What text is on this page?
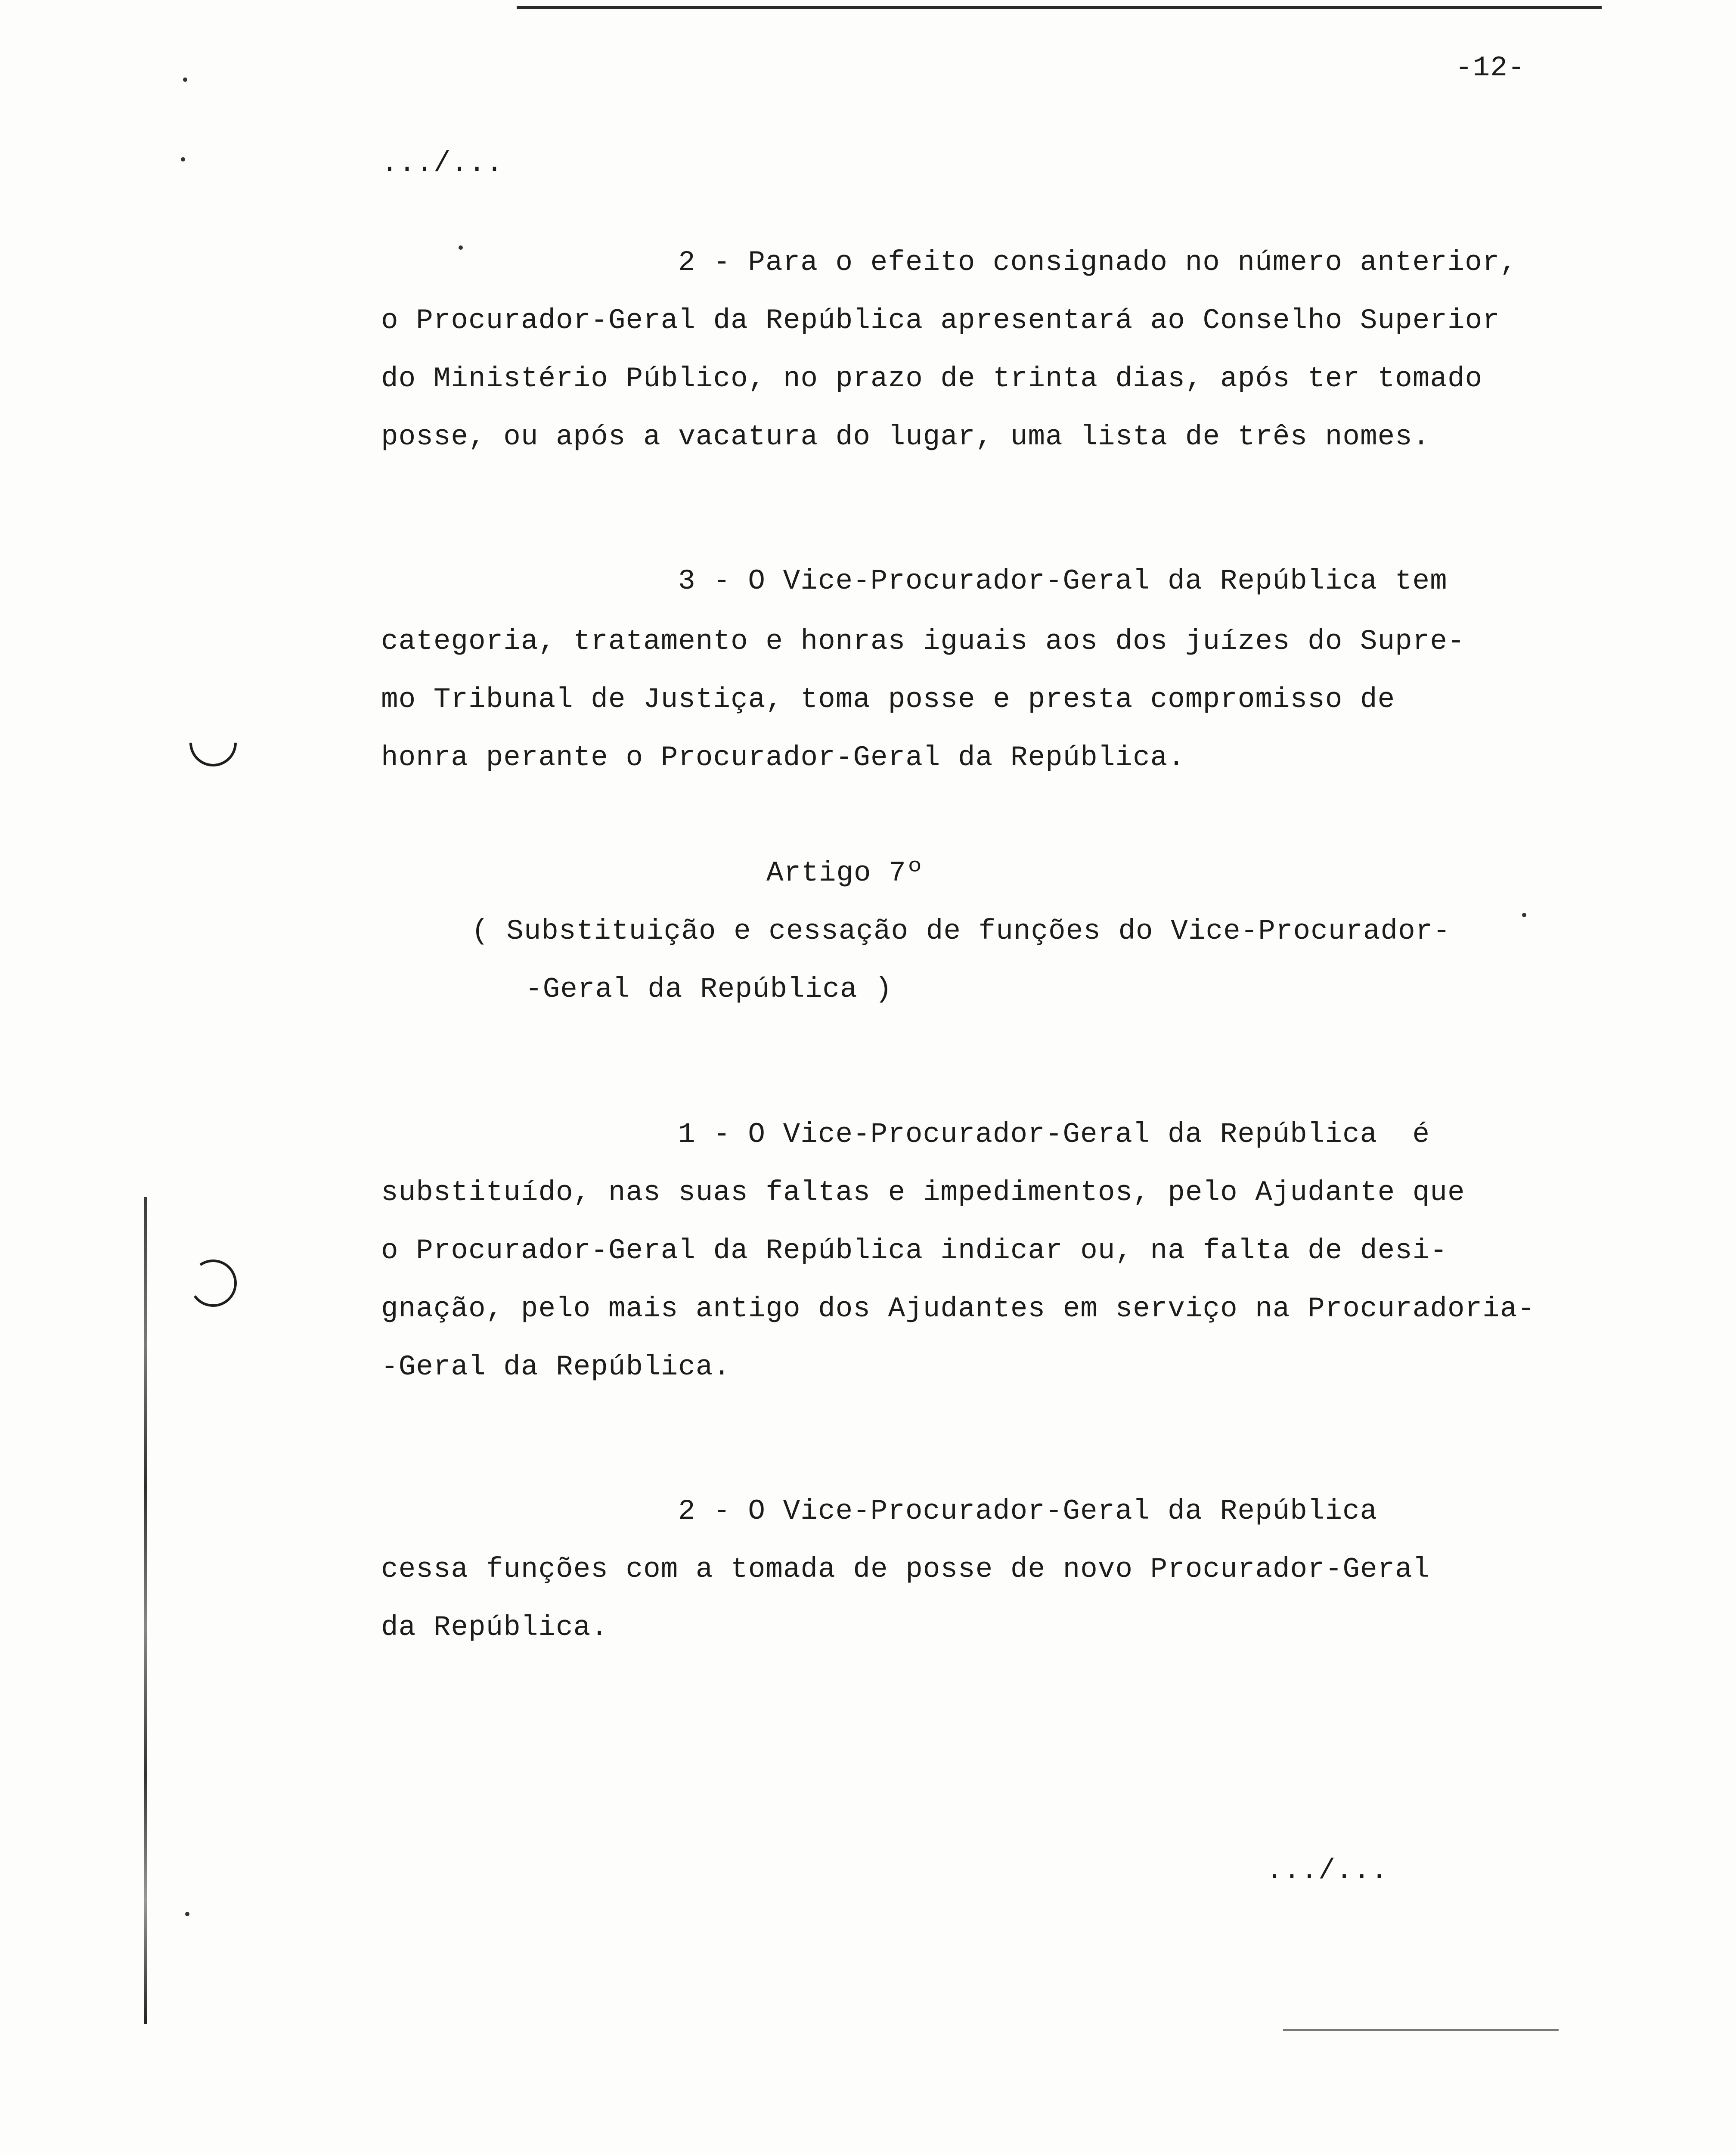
-12-
.../...
2 - Para o efeito consignado no número anterior,
o Procurador-Geral da República apresentará ao Conselho Superior
do Ministério Público, no prazo de trinta dias, após ter tomado
posse, ou após a vacatura do lugar, uma lista de três nomes.
3 - O Vice-Procurador-Geral da República tem
categoria, tratamento e honras iguais aos dos juízes do Supre-
mo Tribunal de Justiça, toma posse e presta compromisso de
honra perante o Procurador-Geral da República.
Artigo 7º
( Substituição e cessação de funções do Vice-Procurador-
-Geral da República )
1 - O Vice-Procurador-Geral da República  é
substituído, nas suas faltas e impedimentos, pelo Ajudante que
o Procurador-Geral da República indicar ou, na falta de desi-
gnação, pelo mais antigo dos Ajudantes em serviço na Procuradoria-
-Geral da República.
2 - O Vice-Procurador-Geral da República
cessa funções com a tomada de posse de novo Procurador-Geral
da República.
.../...
